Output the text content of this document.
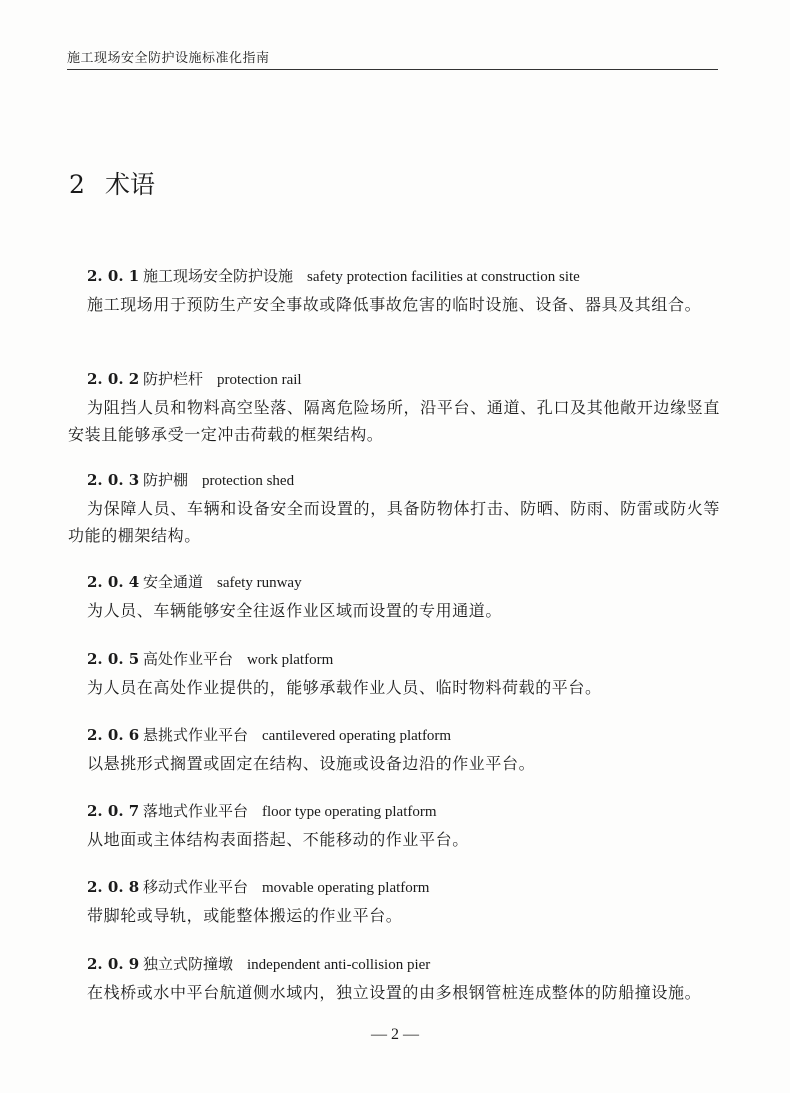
施工现场安全防护设施标准化指南
2 术语
2. 0. 1 施工现场安全防护设施 safety protection facilities at construction site
施工现场用于预防生产安全事故或降低事故危害的临时设施、设备、器具及其组合。
2. 0. 2 防护栏杆 protection rail
为阻挡人员和物料高空坠落、隔离危险场所，沿平台、通道、孔口及其他敞开边缘竖直安装且能够承受一定冲击荷载的框架结构。
2. 0. 3 防护棚 protection shed
为保障人员、车辆和设备安全而设置的，具备防物体打击、防晒、防雨、防雷或防火等功能的棚架结构。
2. 0. 4 安全通道 safety runway
为人员、车辆能够安全往返作业区域而设置的专用通道。
2. 0. 5 高处作业平台 work platform
为人员在高处作业提供的，能够承载作业人员、临时物料荷载的平台。
2. 0. 6 悬挑式作业平台 cantilevered operating platform
以悬挑形式搁置或固定在结构、设施或设备边沿的作业平台。
2. 0. 7 落地式作业平台 floor type operating platform
从地面或主体结构表面搭起、不能移动的作业平台。
2. 0. 8 移动式作业平台 movable operating platform
带脚轮或导轨，或能整体搬运的作业平台。
2. 0. 9 独立式防撞墩 independent anti-collision pier
在栈桥或水中平台航道侧水域内，独立设置的由多根钢管桩连成整体的防船撞设施。
— 2 —
